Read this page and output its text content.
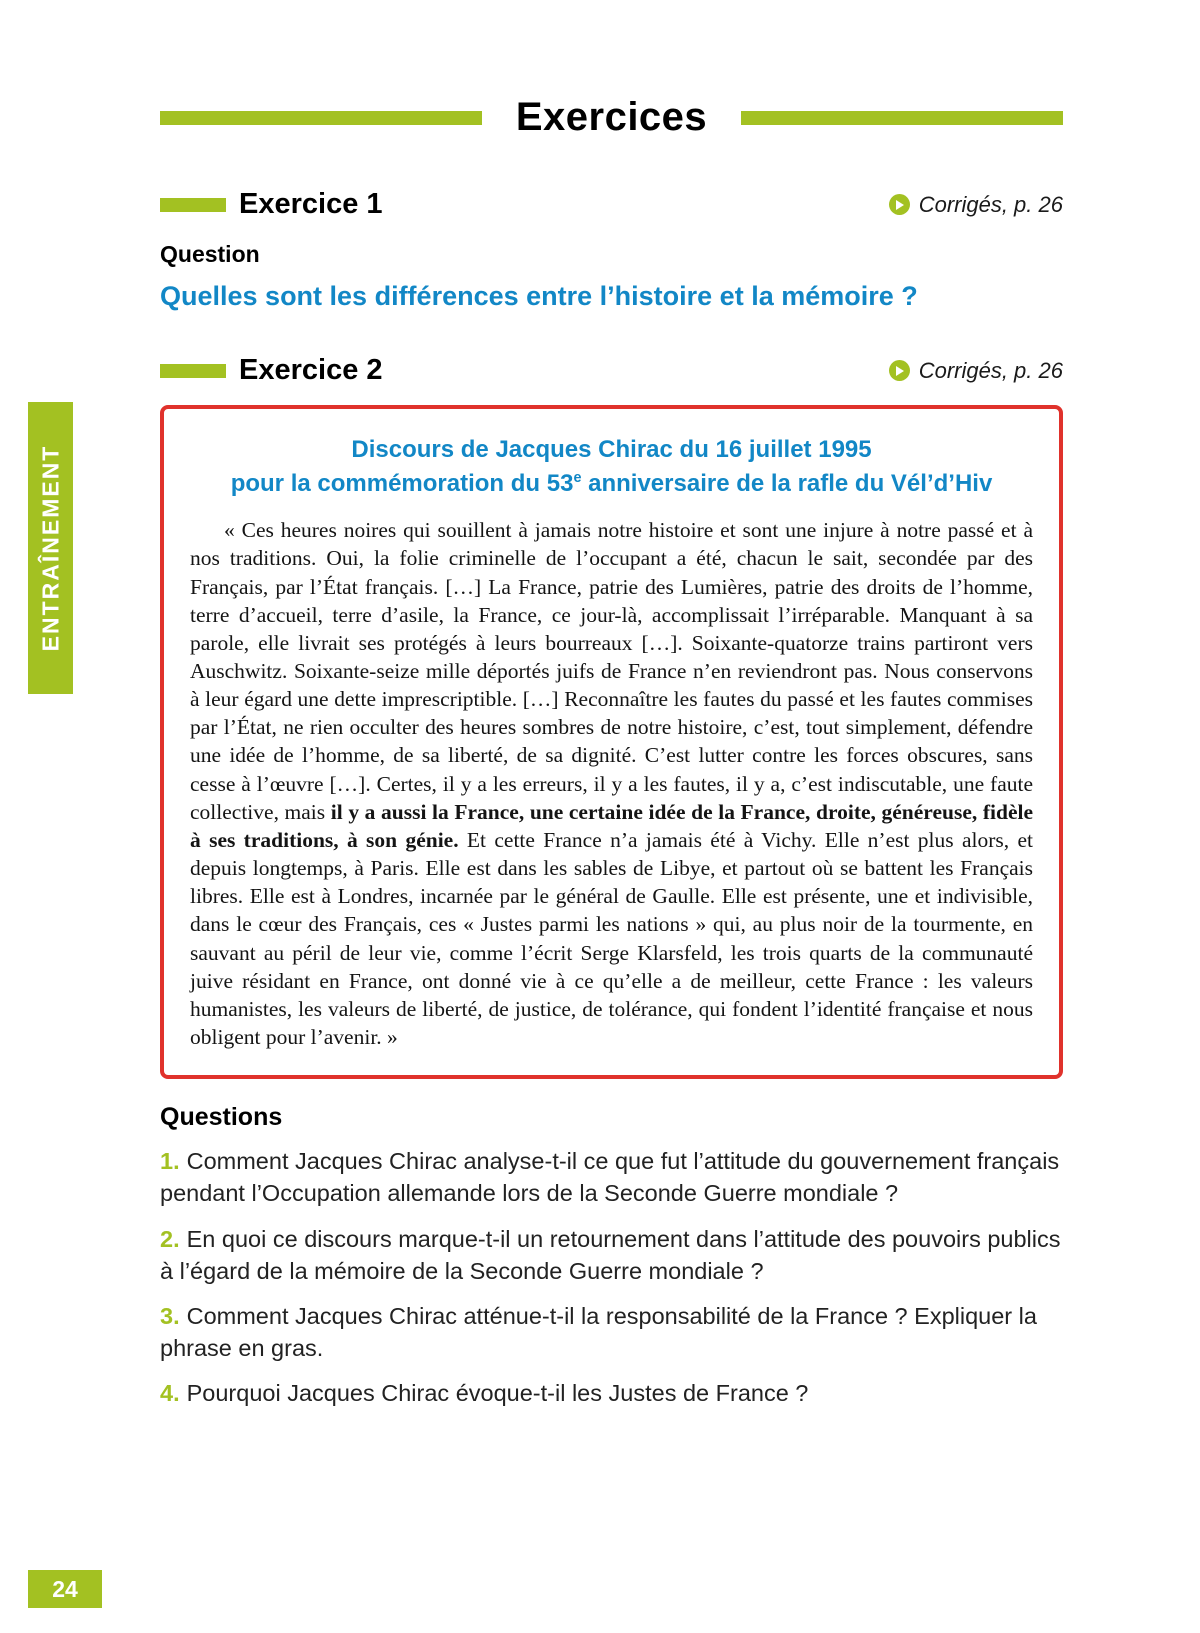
ENTRAÎNEMENT
24
Exercices
Exercice 1	Corrigés, p. 26
Question
Quelles sont les différences entre l’histoire et la mémoire ?
Exercice 2	Corrigés, p. 26
Discours de Jacques Chirac du 16 juillet 1995
pour la commémoration du 53e anniversaire de la rafle du Vél’d’Hiv

« Ces heures noires qui souillent à jamais notre histoire et sont une injure à notre passé et à nos traditions. Oui, la folie criminelle de l’occupant a été, chacun le sait, secondée par des Français, par l’État français. […] La France, patrie des Lumières, patrie des droits de l’homme, terre d’accueil, terre d’asile, la France, ce jour-là, accomplissait l’irréparable. Manquant à sa parole, elle livrait ses protégés à leurs bourreaux […]. Soixante-quatorze trains partiront vers Auschwitz. Soixante-seize mille déportés juifs de France n’en reviendront pas. Nous conservons à leur égard une dette imprescriptible. […] Reconnaître les fautes du passé et les fautes commises par l’État, ne rien occulter des heures sombres de notre histoire, c’est, tout simplement, défendre une idée de l’homme, de sa liberté, de sa dignité. C’est lutter contre les forces obscures, sans cesse à l’œuvre […]. Certes, il y a les erreurs, il y a les fautes, il y a, c’est indiscutable, une faute collective, mais il y a aussi la France, une certaine idée de la France, droite, généreuse, fidèle à ses traditions, à son génie. Et cette France n’a jamais été à Vichy. Elle n’est plus alors, et depuis longtemps, à Paris. Elle est dans les sables de Libye, et partout où se battent les Français libres. Elle est à Londres, incarnée par le général de Gaulle. Elle est présente, une et indivisible, dans le cœur des Français, ces « Justes parmi les nations » qui, au plus noir de la tourmente, en sauvant au péril de leur vie, comme l’écrit Serge Klarsfeld, les trois quarts de la communauté juive résidant en France, ont donné vie à ce qu’elle a de meilleur, cette France : les valeurs humanistes, les valeurs de liberté, de justice, de tolérance, qui fondent l’identité française et nous obligent pour l’avenir. »

Questions

1. Comment Jacques Chirac analyse-t-il ce que fut l’attitude du gouvernement français pendant l’Occupation allemande lors de la Seconde Guerre mondiale ?

2. En quoi ce discours marque-t-il un retournement dans l’attitude des pouvoirs publics à l’égard de la mémoire de la Seconde Guerre mondiale ?

3. Comment Jacques Chirac atténue-t-il la responsabilité de la France ? Expliquer la phrase en gras.

4. Pourquoi Jacques Chirac évoque-t-il les Justes de France ?
